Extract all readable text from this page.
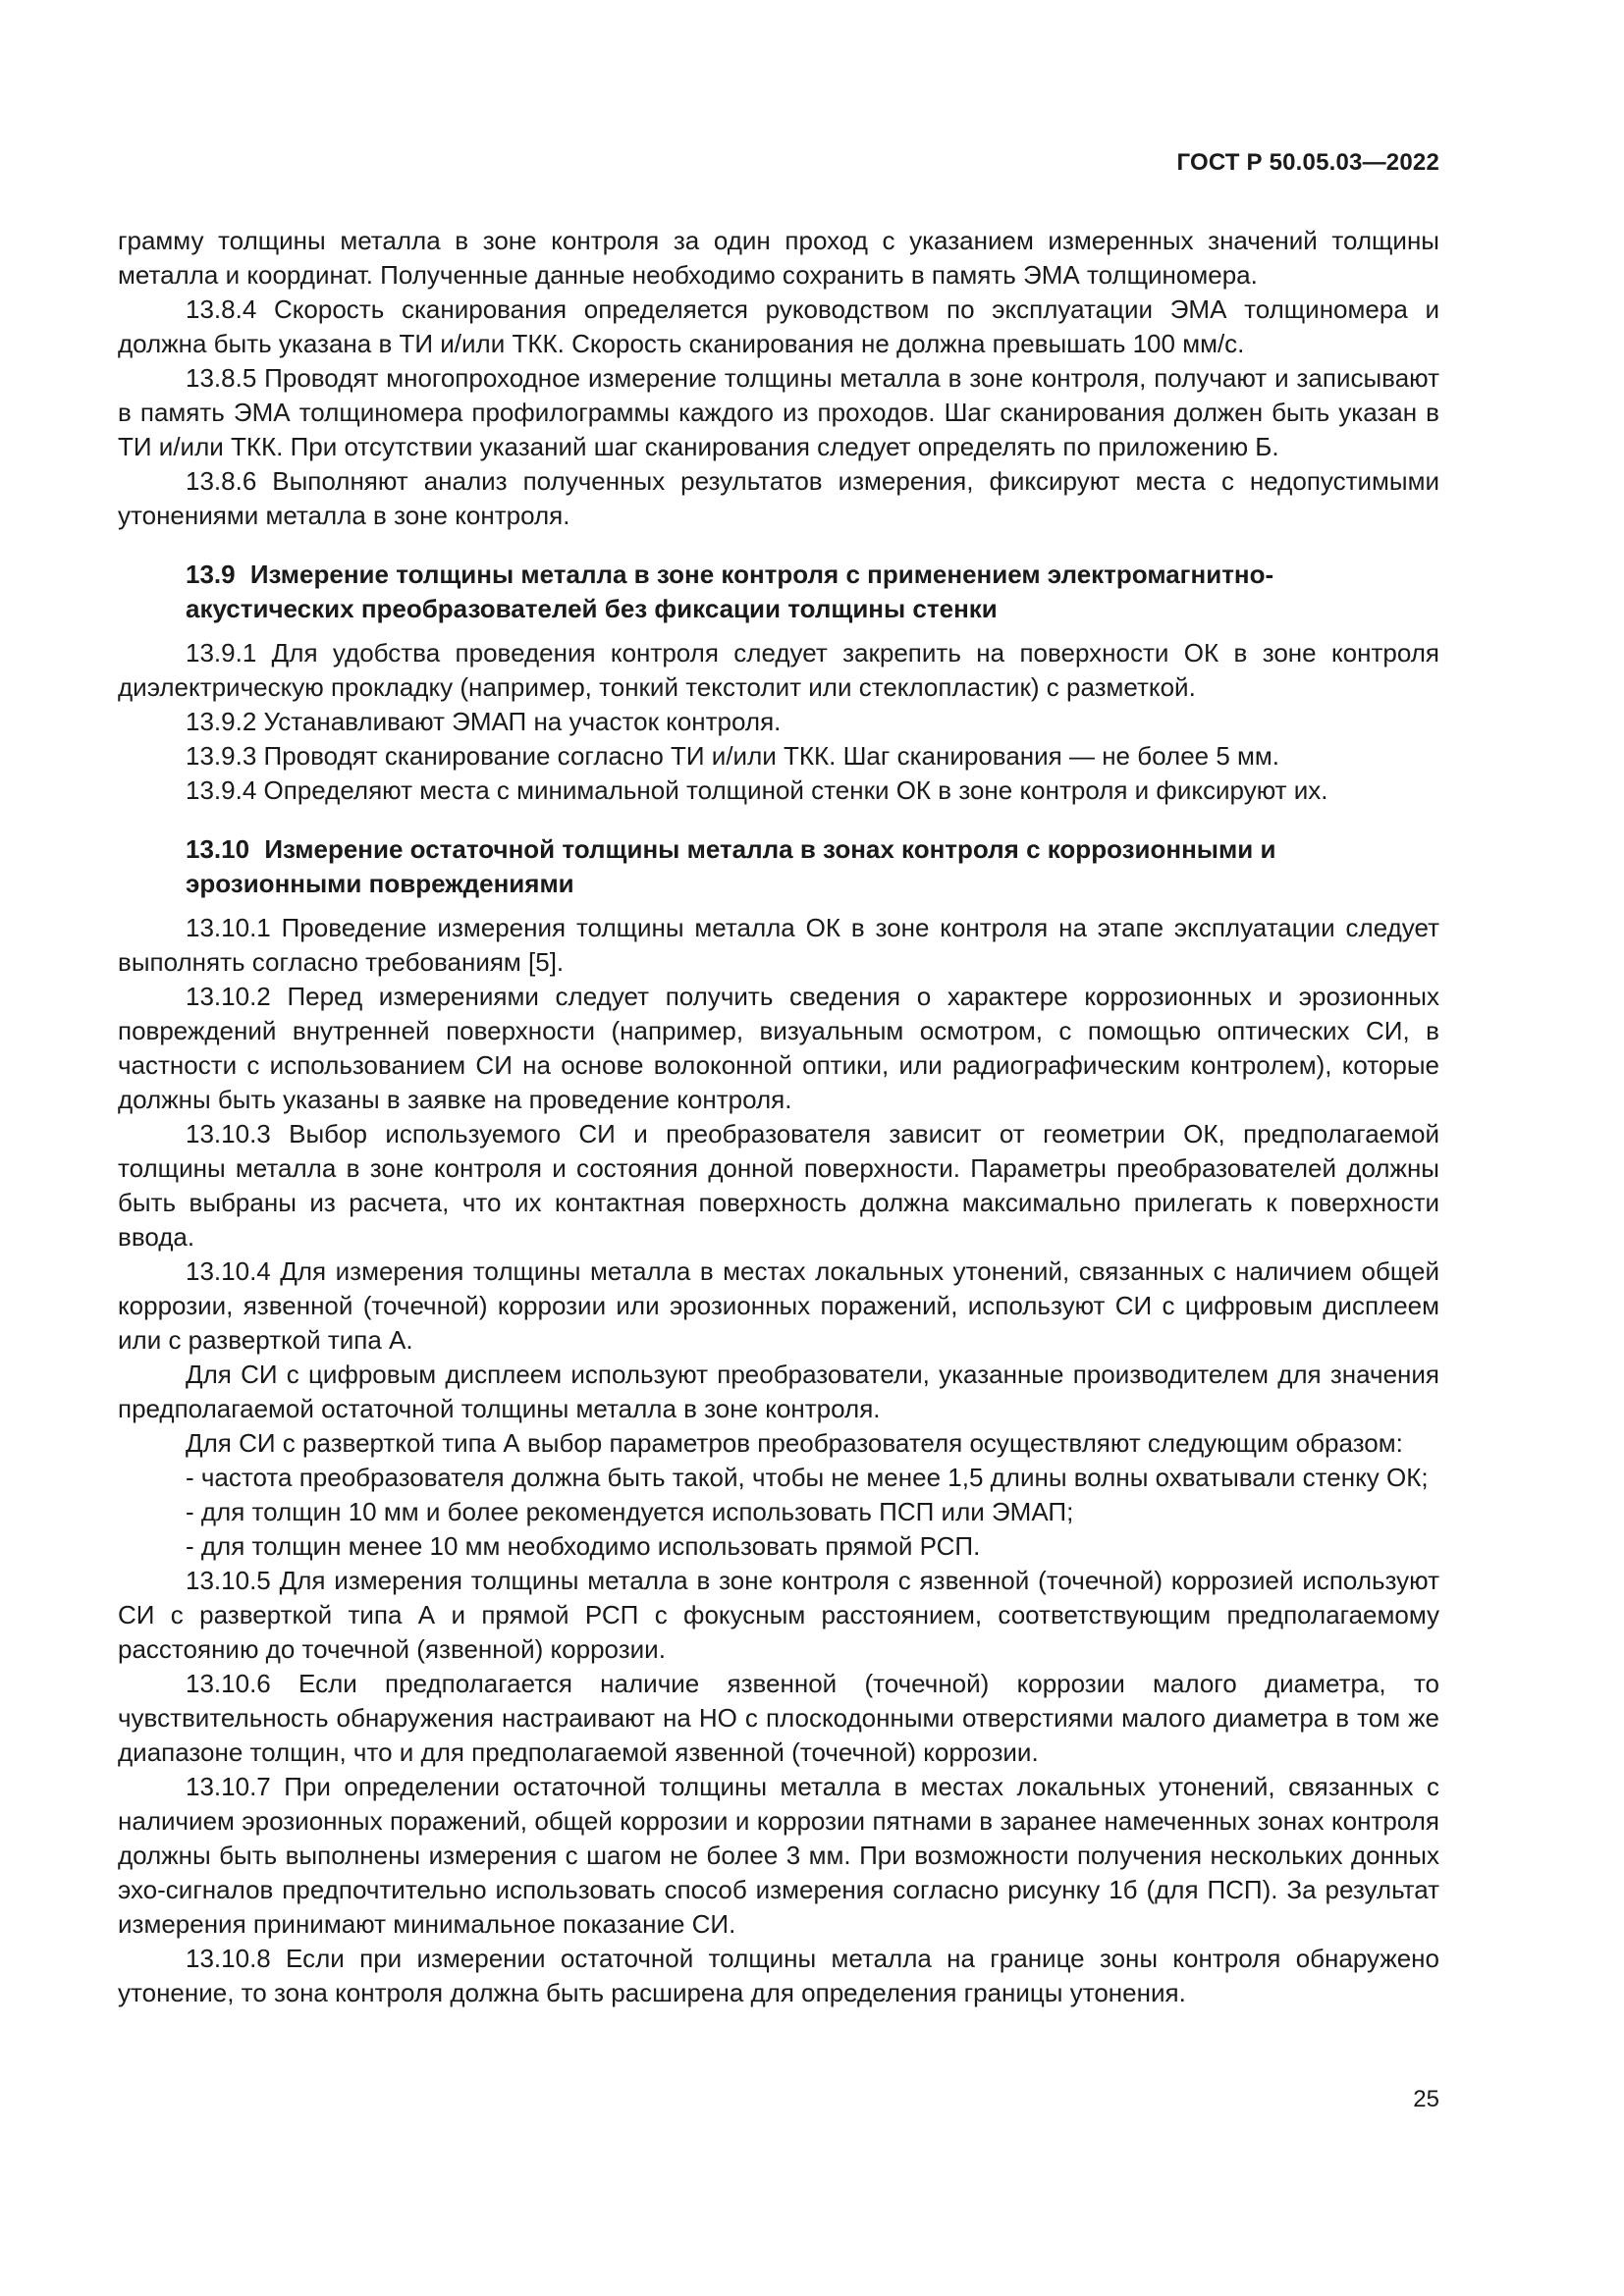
ГОСТ Р 50.05.03—2022

грамму толщины металла в зоне контроля за один проход с указанием измеренных значений толщины металла и координат. Полученные данные необходимо сохранить в память ЭМА толщиномера.

13.8.4 Скорость сканирования определяется руководством по эксплуатации ЭМА толщиномера и должна быть указана в ТИ и/или ТКК. Скорость сканирования не должна превышать 100 мм/с.

13.8.5 Проводят многопроходное измерение толщины металла в зоне контроля, получают и записывают в память ЭМА толщиномера профилограммы каждого из проходов. Шаг сканирования должен быть указан в ТИ и/или ТКК. При отсутствии указаний шаг сканирования следует определять по приложению Б.

13.8.6 Выполняют анализ полученных результатов измерения, фиксируют места с недопустимыми утонениями металла в зоне контроля.

13.9 Измерение толщины металла в зоне контроля с применением электромагнитно-акустических преобразователей без фиксации толщины стенки

13.9.1 Для удобства проведения контроля следует закрепить на поверхности ОК в зоне контроля диэлектрическую прокладку (например, тонкий текстолит или стеклопластик) с разметкой.

13.9.2 Устанавливают ЭМАП на участок контроля.

13.9.3 Проводят сканирование согласно ТИ и/или ТКК. Шаг сканирования — не более 5 мм.

13.9.4 Определяют места с минимальной толщиной стенки ОК в зоне контроля и фиксируют их.

13.10 Измерение остаточной толщины металла в зонах контроля с коррозионными и эрозионными повреждениями

13.10.1 Проведение измерения толщины металла ОК в зоне контроля на этапе эксплуатации следует выполнять согласно требованиям [5].

13.10.2 Перед измерениями следует получить сведения о характере коррозионных и эрозионных повреждений внутренней поверхности (например, визуальным осмотром, с помощью оптических СИ, в частности с использованием СИ на основе волоконной оптики, или радиографическим контролем), которые должны быть указаны в заявке на проведение контроля.

13.10.3 Выбор используемого СИ и преобразователя зависит от геометрии ОК, предполагаемой толщины металла в зоне контроля и состояния донной поверхности. Параметры преобразователей должны быть выбраны из расчета, что их контактная поверхность должна максимально прилегать к поверхности ввода.

13.10.4 Для измерения толщины металла в местах локальных утонений, связанных с наличием общей коррозии, язвенной (точечной) коррозии или эрозионных поражений, используют СИ с цифровым дисплеем или с разверткой типа А.

Для СИ с цифровым дисплеем используют преобразователи, указанные производителем для значения предполагаемой остаточной толщины металла в зоне контроля.

Для СИ с разверткой типа А выбор параметров преобразователя осуществляют следующим образом:

- частота преобразователя должна быть такой, чтобы не менее 1,5 длины волны охватывали стенку ОК;

- для толщин 10 мм и более рекомендуется использовать ПСП или ЭМАП;

- для толщин менее 10 мм необходимо использовать прямой РСП.

13.10.5 Для измерения толщины металла в зоне контроля с язвенной (точечной) коррозией используют СИ с разверткой типа А и прямой РСП с фокусным расстоянием, соответствующим предполагаемому расстоянию до точечной (язвенной) коррозии.

13.10.6 Если предполагается наличие язвенной (точечной) коррозии малого диаметра, то чувствительность обнаружения настраивают на НО с плоскодонными отверстиями малого диаметра в том же диапазоне толщин, что и для предполагаемой язвенной (точечной) коррозии.

13.10.7 При определении остаточной толщины металла в местах локальных утонений, связанных с наличием эрозионных поражений, общей коррозии и коррозии пятнами в заранее намеченных зонах контроля должны быть выполнены измерения с шагом не более 3 мм. При возможности получения нескольких донных эхо-сигналов предпочтительно использовать способ измерения согласно рисунку 1б (для ПСП). За результат измерения принимают минимальное показание СИ.

13.10.8 Если при измерении остаточной толщины металла на границе зоны контроля обнаружено утонение, то зона контроля должна быть расширена для определения границы утонения.

25
